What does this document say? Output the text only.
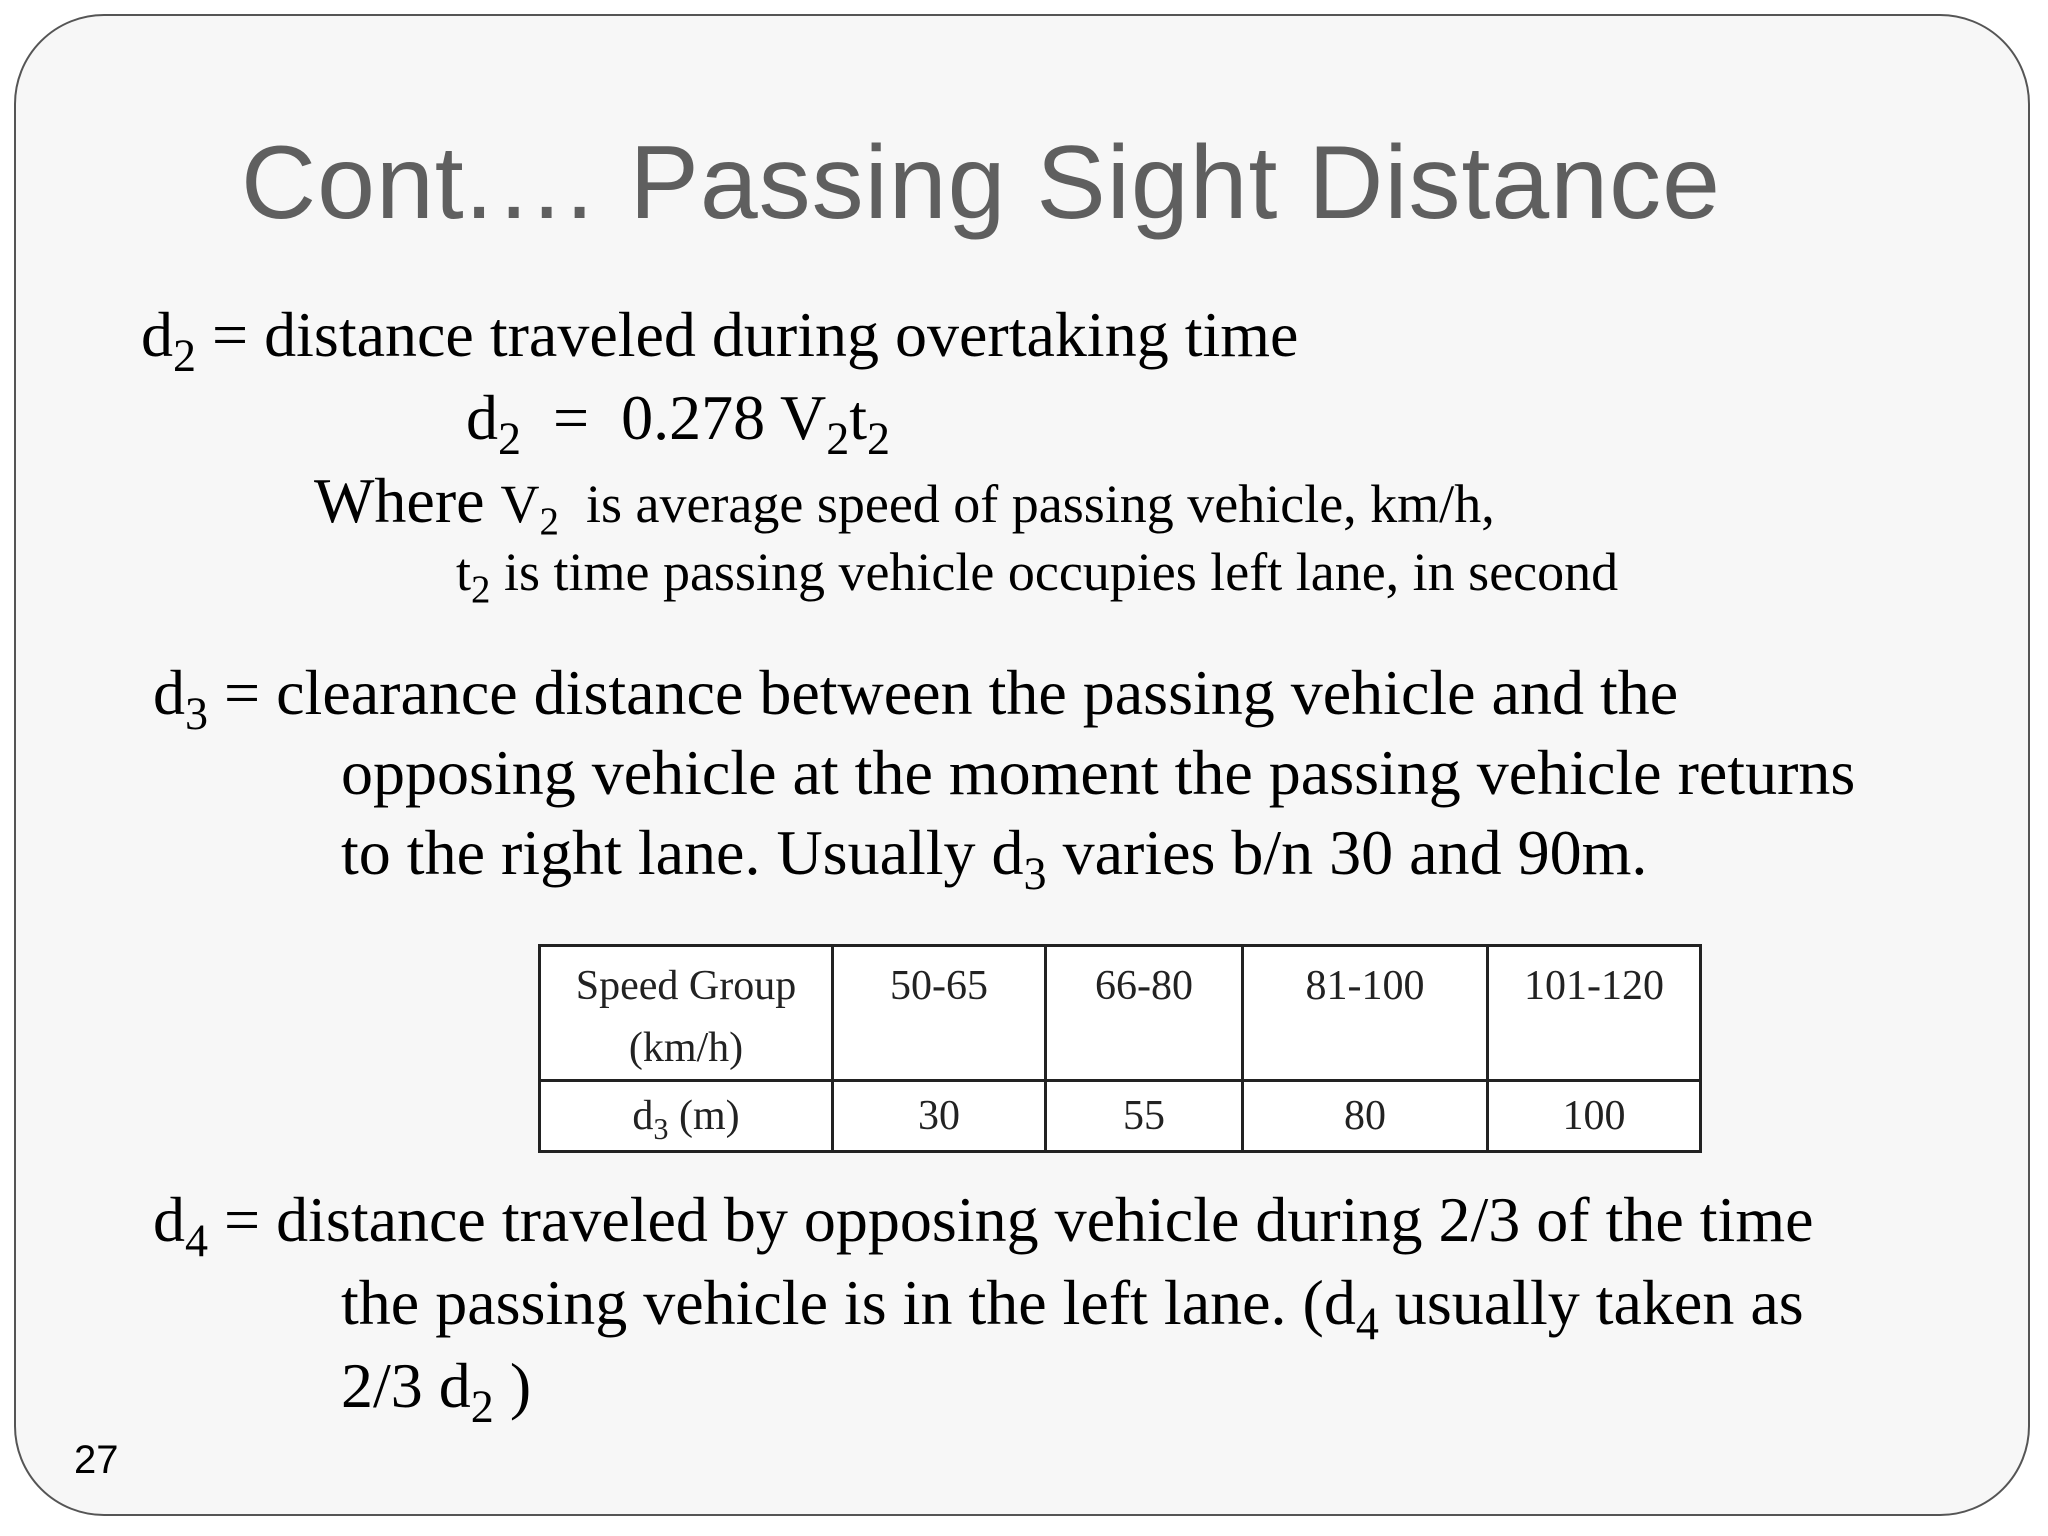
Cont.… Passing Sight Distance
$d_2$ = distance traveled during overtaking time
$d_2 = 0.278$ $V_2t_2$
Where $V_2$  is average speed of passing vehicle, km/h,
$t_2$ is time passing vehicle occupies left lane, in second
$d_3$ = clearance distance between the passing vehicle and the
opposing vehicle at the moment the passing vehicle returns
to the right lane. Usually $d_3$ varies b/n 30 and 90m.
Speed Group
(km/h)	50-65	66-80	81-100	101-120

$d_3$ (m)	30	55	80	100
$d_4$ = distance traveled by opposing vehicle during 2/3 of the time
the passing vehicle is in the left lane. ($d_4$ usually taken as
2/3 $d_2$ )
27
